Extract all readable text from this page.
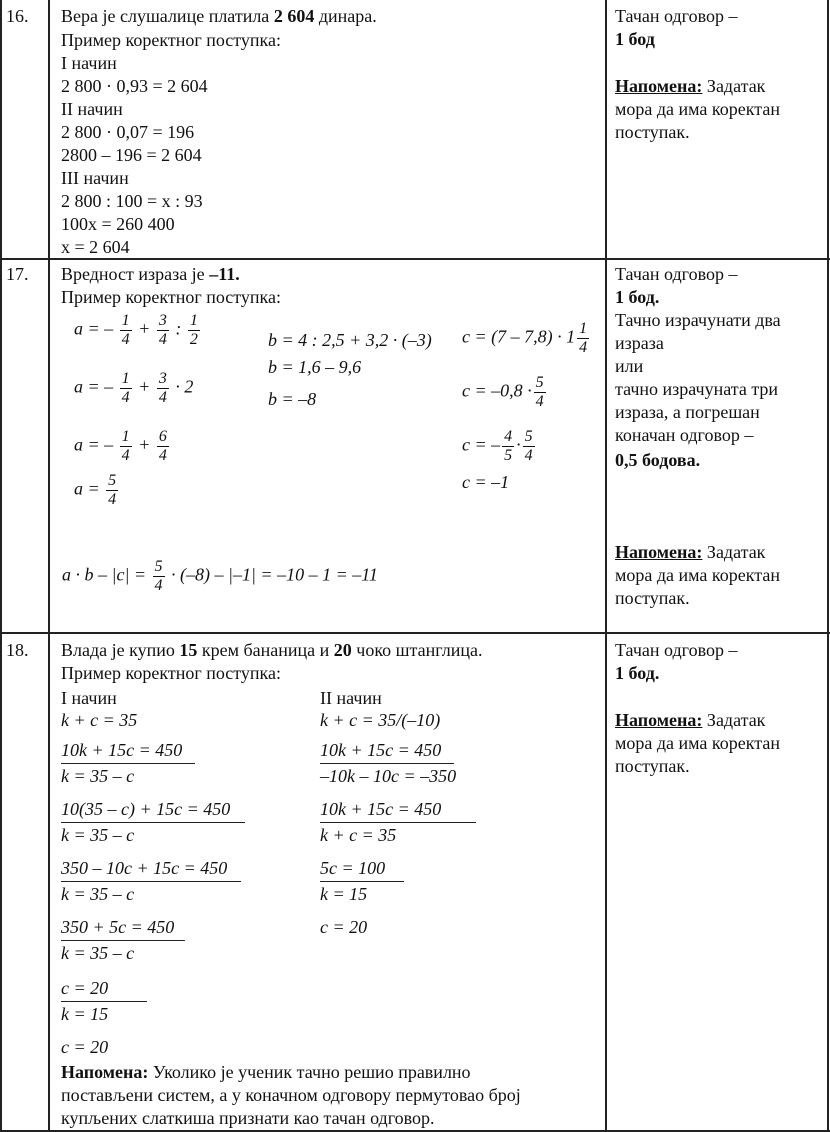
16. Вера је слушалице платила 2 604 динара.
Пример коректног поступка:
I начин
2 800 · 0,93 = 2 604
II начин
2 800 · 0,07 = 196
2800 – 196 = 2 604
III начин
2 800 : 100 = x : 93
100x = 260 400
x = 2 604
Тачан одговор –
1 бод
Напомена: Задатак
мора да има коректан
поступак.
17. Вредност израза је –11.
Пример коректног поступка:
a = – $\frac{1}{4} + \frac{3}{4}$ : $\frac{1}{2}$
a = – $\frac{1}{4} + \frac{3}{4} \cdot 2$
a = – $\frac{1}{4} + \frac{6}{4}$
$a = \frac{5}{4}$
b = 4 : 2,5 + 3,2 · (–3)
b = 1,6 – 9,6
b = –8
$c = (7 - 7,8) \cdot 1 \frac{1}{4}$
$c = -0,8 \cdot \frac{5}{4}$
c = – $\frac{4}{5} \cdot \frac{5}{4}$
c = –1
$a \cdot b - |c| = \frac{5}{4} \cdot (-8) - |-1| = -10 - 1 = -11$
Тачан одговор –
1 бод.
Тачно израчунати два
израза
или
тачно израчуната три
израза, а погрешан
коначан одговор –
0,5 бодова.
Напомена: Задатак
мора да има коректан
поступак.
18. Влада је купио 15 крем бананица и 20 чоко штанглица.
Пример коректног поступка:
I начин
k + c = 35
10k + 15c = 450
k = 35 – c
10(35 – c) + 15c = 450
k = 35 – c
350 – 10c + 15c = 450
k = 35 – c
350 + 5c = 450
k = 35 – c
c = 20
k = 15
c = 20
II начин
k + c = 35/(–10)
10k + 15c = 450
–10k – 10c = –350
10k + 15c = 450
k + c = 35
5c = 100
k = 15
c = 20
Напомена: Уколико је ученик тачно решио правилно
постављени систем, а у коначном одговору пермутовао број
купљених слаткиша признати као тачан одговор.
Тачан одговор –
1 бод.
Напомена: Задатак
мора да има коректан
поступак.
